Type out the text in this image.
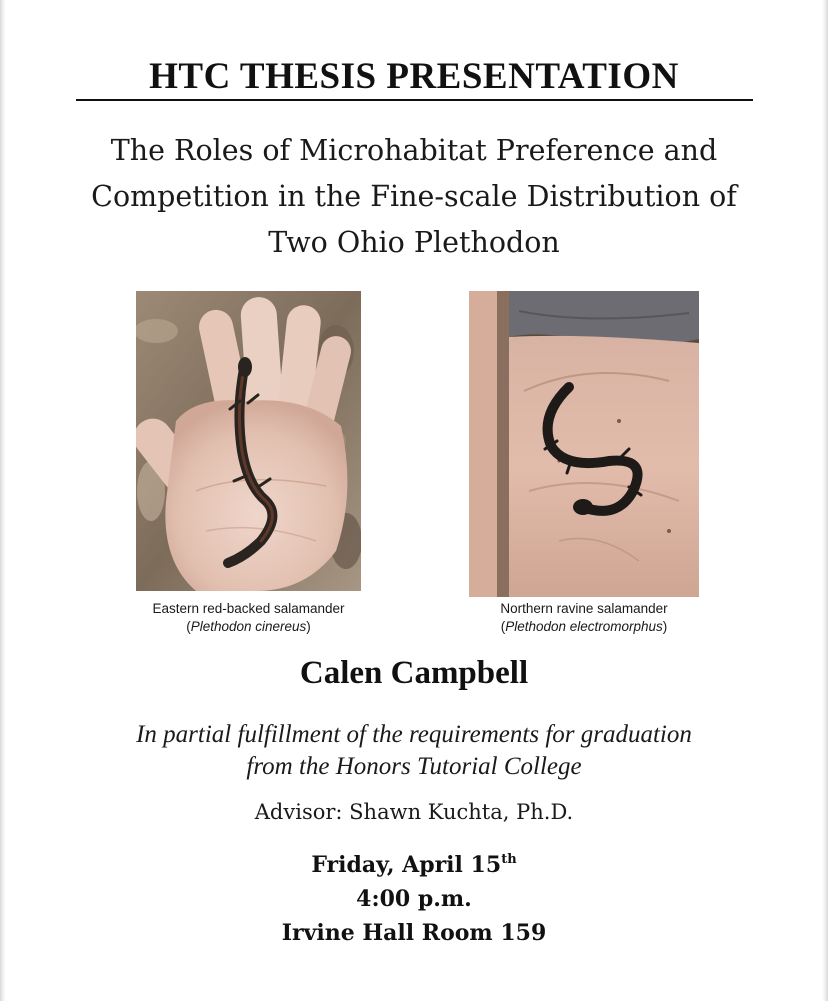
HTC THESIS PRESENTATION
The Roles of Microhabitat Preference and
Competition in the Fine-scale Distribution of
Two Ohio Plethodon
Eastern red-backed salamander
(Plethodon cinereus)
Northern ravine salamander
(Plethodon electromorphus)
Calen Campbell
In partial fulfillment of the requirements for graduation
from the Honors Tutorial College
Advisor: Shawn Kuchta, Ph.D.
Friday, April 15th
4:00 p.m.
Irvine Hall Room 159
